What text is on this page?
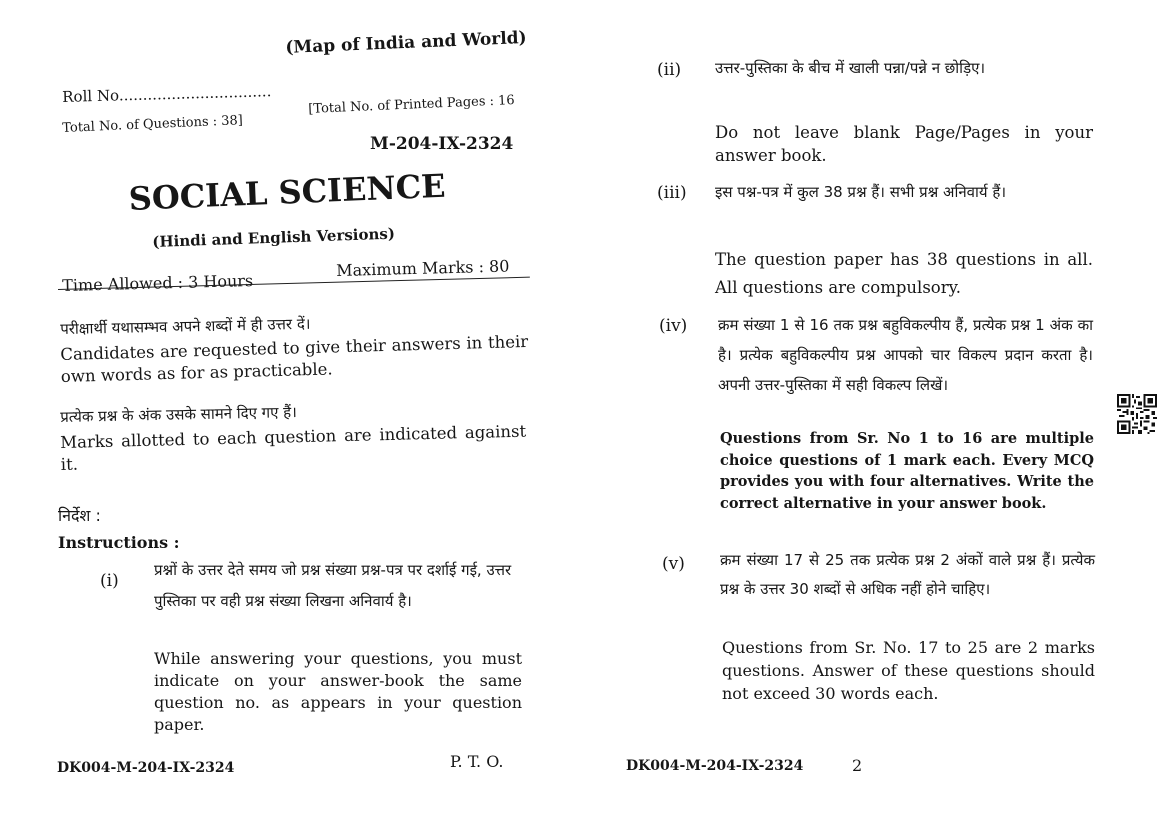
(Map of India and World)
Roll No................................
Total No. of Questions : 38]
[Total No. of Printed Pages : 16
M-204-IX-2324
SOCIAL SCIENCE
(Hindi and English Versions)
Time Allowed : 3 Hours
Maximum Marks : 80
परीक्षार्थी यथासम्भव अपने शब्दों में ही उत्तर दें।
Candidates are requested to give their answers in their own words as for as practicable.
प्रत्येक प्रश्न के अंक उसके सामने दिए गए हैं।
Marks allotted to each question are indicated against it.
निर्देश :
Instructions :
(i)
प्रश्नों के उत्तर देते समय जो प्रश्न संख्या प्रश्न-पत्र पर दर्शाई गई, उत्तर पुस्तिका पर वही प्रश्न संख्या लिखना अनिवार्य है।
While answering your questions, you must indicate on your answer-book the same question no. as appears in your question paper.
DK004-M-204-IX-2324	P. T. O.
(ii) उत्तर-पुस्तिका के बीच में खाली पन्ना/पन्ने न छोड़िए।
Do not leave blank Page/Pages in your answer book.
(iii) इस पश्न-पत्र में कुल 38 प्रश्न हैं। सभी प्रश्न अनिवार्य हैं।
The question paper has 38 questions in all. All questions are compulsory.
(iv) क्रम संख्या 1 से 16 तक प्रश्न बहुविकल्पीय हैं, प्रत्येक प्रश्न 1 अंक का है। प्रत्येक बहुविकल्पीय प्रश्न आपको चार विकल्प प्रदान करता है। अपनी उत्तर-पुस्तिका में सही विकल्प लिखें।
Questions from Sr. No 1 to 16 are multiple choice questions of 1 mark each. Every MCQ provides you with four alternatives. Write the correct alternative in your answer book.
(v) क्रम संख्या 17 से 25 तक प्रत्येक प्रश्न 2 अंकों वाले प्रश्न हैं। प्रत्येक प्रश्न के उत्तर 30 शब्दों से अधिक नहीं होने चाहिए।
Questions from Sr. No. 17 to 25 are 2 marks questions. Answer of these questions should not exceed 30 words each.
DK004-M-204-IX-2324	2
